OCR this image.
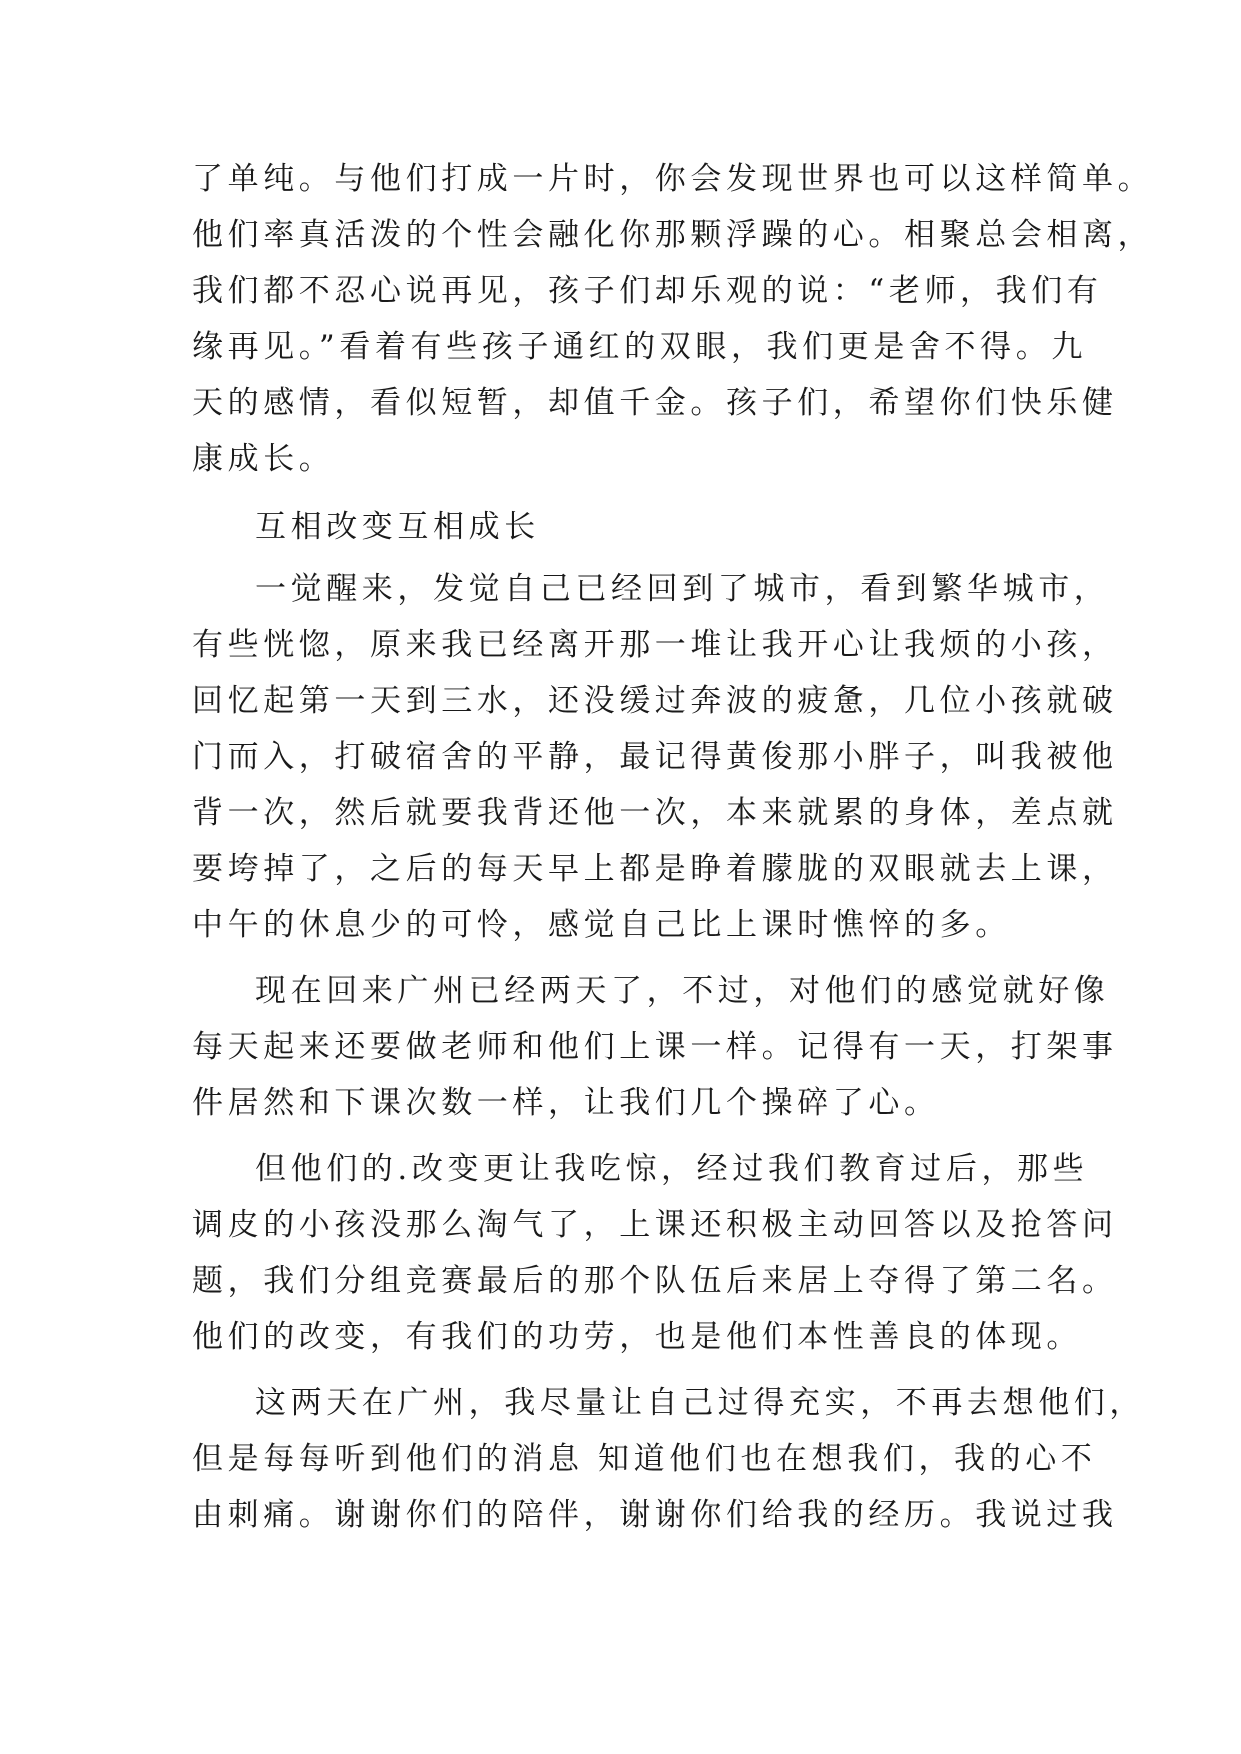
了单纯。与他们打成一片时，你会发现世界也可以这样简单。
他们率真活泼的个性会融化你那颗浮躁的心。相聚总会相离，
我们都不忍心说再见，孩子们却乐观的说：“老师，我们有
缘再见。”看着有些孩子通红的双眼，我们更是舍不得。九
天的感情，看似短暂，却值千金。孩子们，希望你们快乐健
康成长。
互相改变互相成长
一觉醒来，发觉自己已经回到了城市，看到繁华城市，
有些恍惚，原来我已经离开那一堆让我开心让我烦的小孩，
回忆起第一天到三水，还没缓过奔波的疲惫，几位小孩就破
门而入，打破宿舍的平静，最记得黄俊那小胖子，叫我被他
背一次，然后就要我背还他一次，本来就累的身体，差点就
要垮掉了，之后的每天早上都是睁着朦胧的双眼就去上课，
中午的休息少的可怜，感觉自己比上课时憔悴的多。
现在回来广州已经两天了，不过，对他们的感觉就好像
每天起来还要做老师和他们上课一样。记得有一天，打架事
件居然和下课次数一样，让我们几个操碎了心。
但他们的.改变更让我吃惊，经过我们教育过后，那些
调皮的小孩没那么淘气了，上课还积极主动回答以及抢答问
题，我们分组竞赛最后的那个队伍后来居上夺得了第二名。
他们的改变，有我们的功劳，也是他们本性善良的体现。
这两天在广州，我尽量让自己过得充实，不再去想他们，
但是每每听到他们的消息 知道他们也在想我们，我的心不
由刺痛。谢谢你们的陪伴，谢谢你们给我的经历。我说过我
